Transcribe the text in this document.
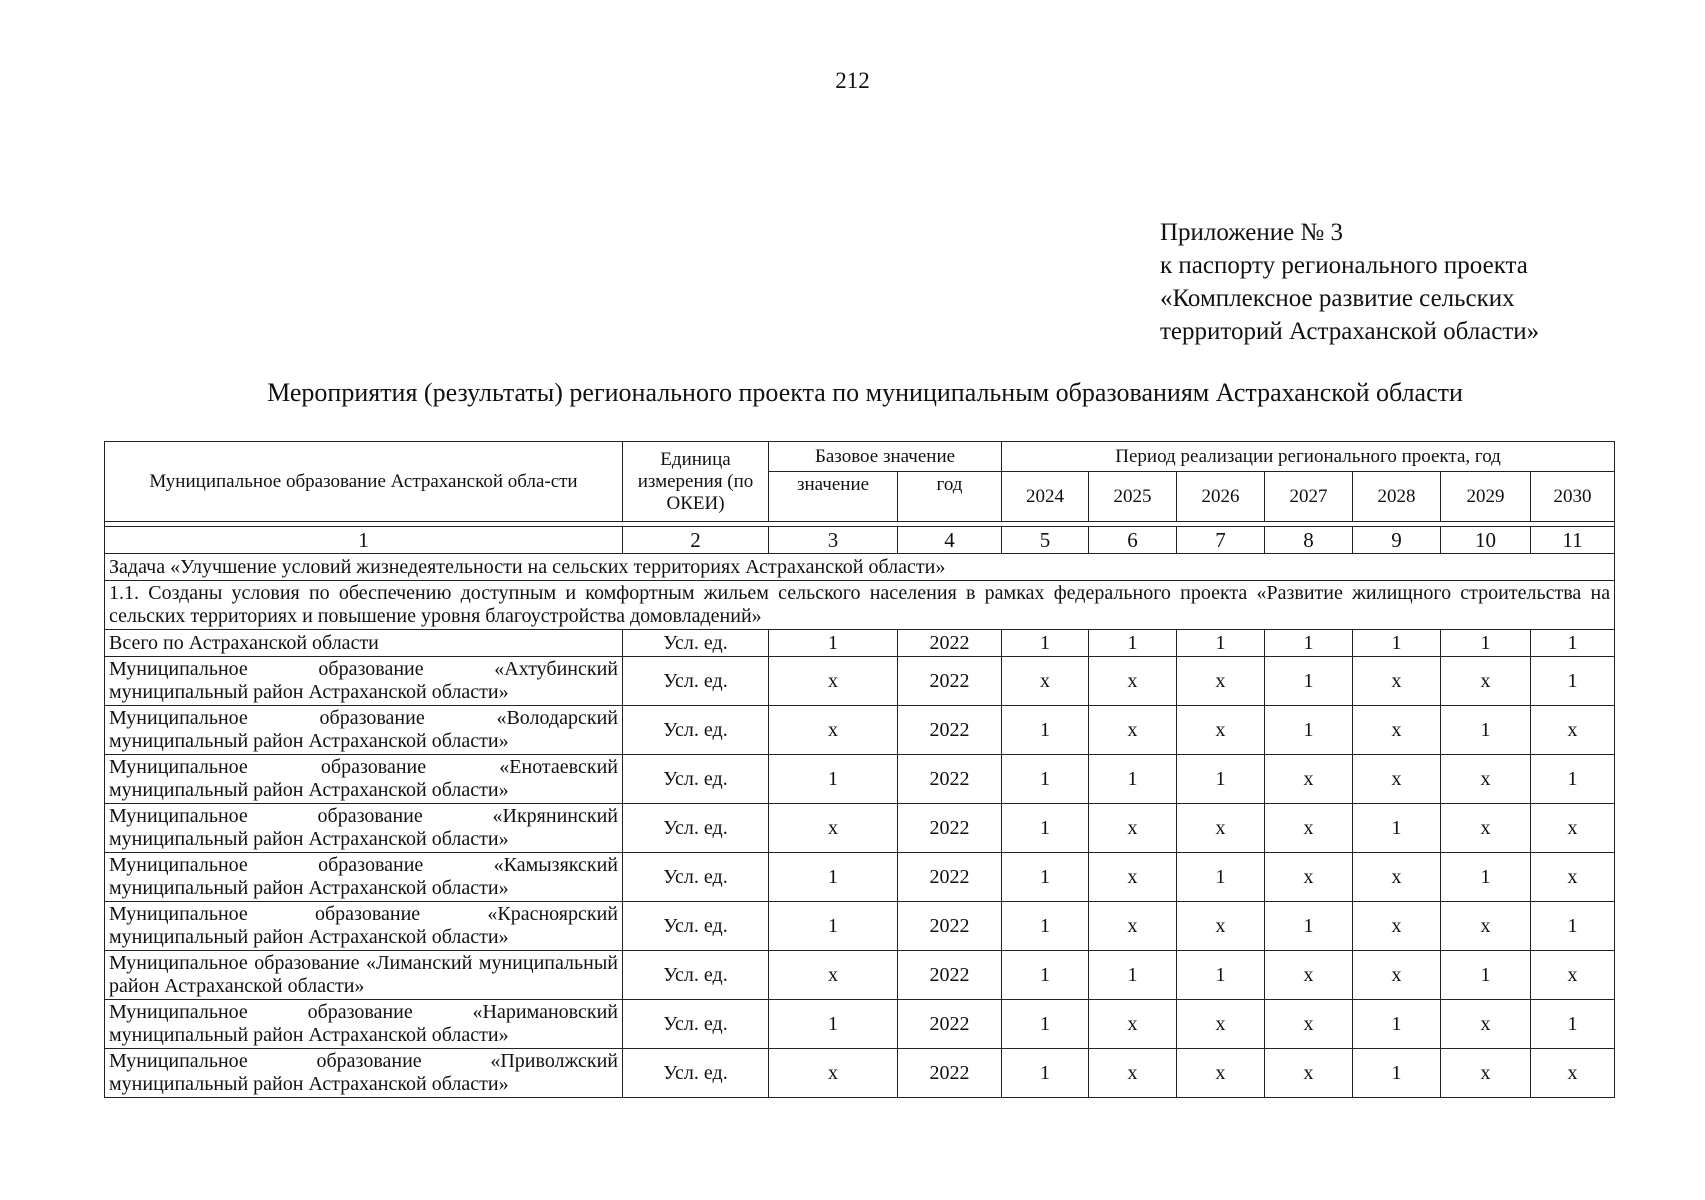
212
Приложение № 3
к паспорту регионального проекта
«Комплексное развитие сельских
территорий Астраханской области»
Мероприятия (результаты) регионального проекта по муниципальным образованиям Астраханской области
Муниципальное образование Астраханской обла-сти	Единица измерения (по ОКЕИ)	Базовое значение		Период реализации регионального проекта, год						
		значение	год	2024	2025	2026	2027	2028	2029	2030

1	2	3	4	5	6	7	8	9	10	11
Задача «Улучшение условий жизнедеятельности на сельских территориях Астраханской области»										
1.1. Созданы условия по обеспечению доступным и комфортным жильем сельского населения в рамках федерального проекта «Развитие жилищного строительства на сельских территориях и повышение уровня благоустройства домовладений»										
Всего по Астраханской области	Усл. ед.	1	2022	1	1	1	1	1	1	1
Муниципальное образование «Ахтубинский муниципальный район Астраханской области»	Усл. ед.	x	2022	x	x	x	1	x	x	1
Муниципальное образование «Володарский муниципальный район Астраханской области»	Усл. ед.	x	2022	1	x	x	1	x	1	x
Муниципальное образование «Енотаевский муниципальный район Астраханской области»	Усл. ед.	1	2022	1	1	1	x	x	x	1
Муниципальное образование «Икрянинский муниципальный район Астраханской области»	Усл. ед.	x	2022	1	x	x	x	1	x	x
Муниципальное образование «Камызякский муниципальный район Астраханской области»	Усл. ед.	1	2022	1	x	1	x	x	1	x
Муниципальное образование «Красноярский муниципальный район Астраханской области»	Усл. ед.	1	2022	1	x	x	1	x	x	1
Муниципальное образование «Лиманский муниципальный район Астраханской области»	Усл. ед.	x	2022	1	1	1	x	x	1	x
Муниципальное образование «Наримановский муниципальный район Астраханской области»	Усл. ед.	1	2022	1	x	x	x	1	x	1
Муниципальное образование «Приволжский муниципальный район Астраханской области»	Усл. ед.	x	2022	1	x	x	x	1	x	x
